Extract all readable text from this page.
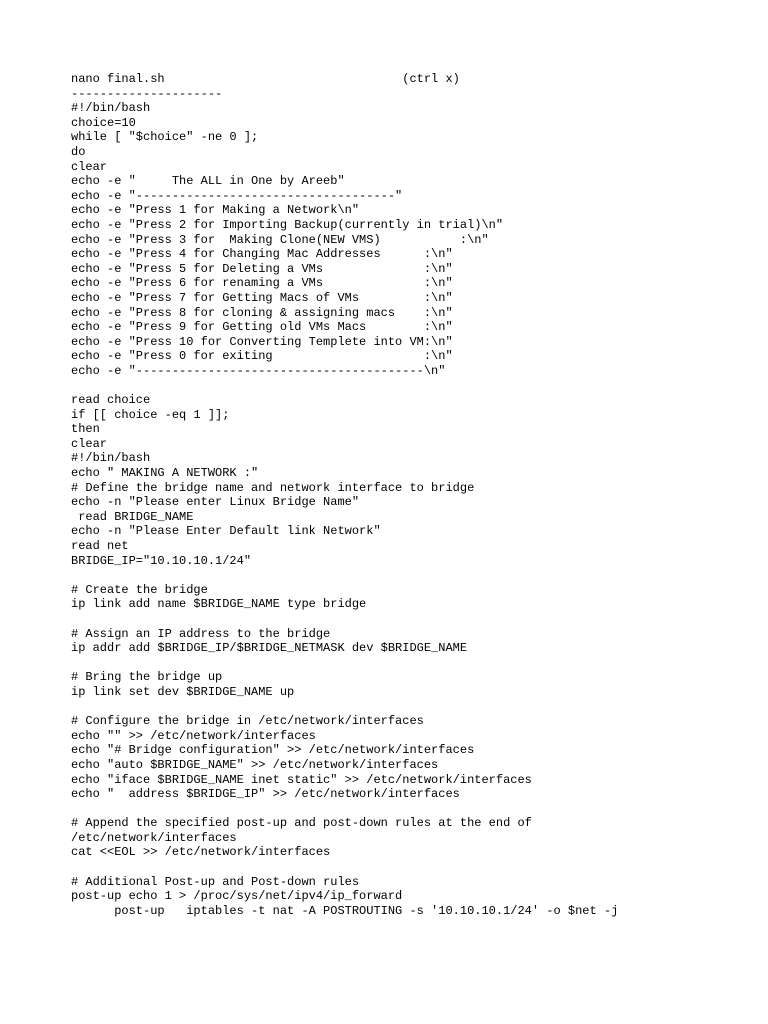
nano final.sh                                 (ctrl x)
---------------------
#!/bin/bash
choice=10
while [ "$choice" -ne 0 ];
do
clear
echo -e "     The ALL in One by Areeb"
echo -e "------------------------------------"
echo -e "Press 1 for Making a Network\n"
echo -e "Press 2 for Importing Backup(currently in trial)\n"
echo -e "Press 3 for  Making Clone(NEW VMS)           :\n"
echo -e "Press 4 for Changing Mac Addresses      :\n"
echo -e "Press 5 for Deleting a VMs              :\n"
echo -e "Press 6 for renaming a VMs              :\n"
echo -e "Press 7 for Getting Macs of VMs         :\n"
echo -e "Press 8 for cloning & assigning macs    :\n"
echo -e "Press 9 for Getting old VMs Macs        :\n"
echo -e "Press 10 for Converting Templete into VM:\n"
echo -e "Press 0 for exiting                     :\n"
echo -e "----------------------------------------\n"
read choice
if [[ choice -eq 1 ]];
then
clear
#!/bin/bash
echo " MAKING A NETWORK :"
# Define the bridge name and network interface to bridge
echo -n "Please enter Linux Bridge Name"
read BRIDGE_NAME
echo -n "Please Enter Default link Network"
read net
BRIDGE_IP="10.10.10.1/24"
# Create the bridge
ip link add name $BRIDGE_NAME type bridge
# Assign an IP address to the bridge
ip addr add $BRIDGE_IP/$BRIDGE_NETMASK dev $BRIDGE_NAME
# Bring the bridge up
ip link set dev $BRIDGE_NAME up
# Configure the bridge in /etc/network/interfaces
echo "" >> /etc/network/interfaces
echo "# Bridge configuration" >> /etc/network/interfaces
echo "auto $BRIDGE_NAME" >> /etc/network/interfaces
echo "iface $BRIDGE_NAME inet static" >> /etc/network/interfaces
echo "  address $BRIDGE_IP" >> /etc/network/interfaces
# Append the specified post-up and post-down rules at the end of
/etc/network/interfaces
cat <<EOL >> /etc/network/interfaces
# Additional Post-up and Post-down rules
post-up echo 1 > /proc/sys/net/ipv4/ip_forward
post-up   iptables -t nat -A POSTROUTING -s '10.10.10.1/24' -o $net -j
